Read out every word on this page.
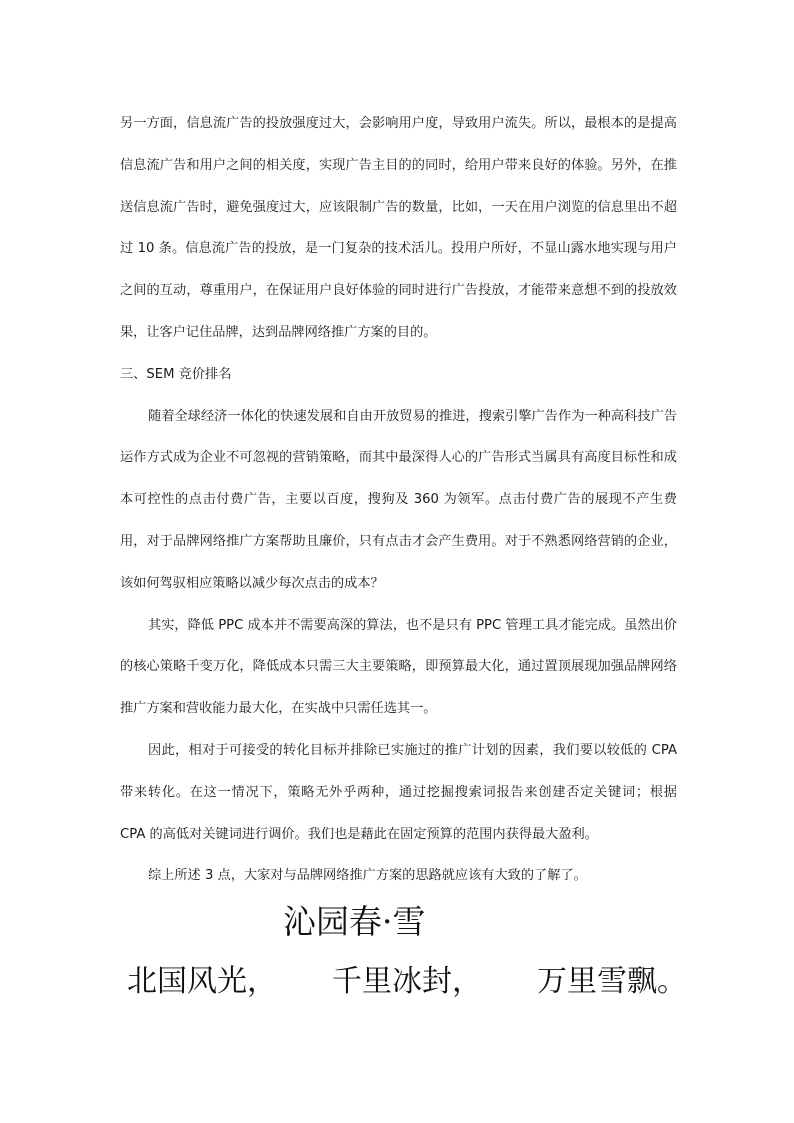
另一方面，信息流广告的投放强度过大，会影响用户度，导致用户流失。所以，最根本的是提高信息流广告和用户之间的相关度，实现广告主目的的同时，给用户带来良好的体验。另外，在推送信息流广告时，避免强度过大，应该限制广告的数量，比如，一天在用户浏览的信息里出不超过 10 条。信息流广告的投放，是一门复杂的技术活儿。投用户所好，不显山露水地实现与用户之间的互动，尊重用户，在保证用户良好体验的同时进行广告投放，才能带来意想不到的投放效果，让客户记住品牌，达到品牌网络推广方案的目的。

三、SEM 竞价排名

随着全球经济一体化的快速发展和自由开放贸易的推进，搜索引擎广告作为一种高科技广告运作方式成为企业不可忽视的营销策略，而其中最深得人心的广告形式当属具有高度目标性和成本可控性的点击付费广告，主要以百度，搜狗及 360 为领军。点击付费广告的展现不产生费用，对于品牌网络推广方案帮助且廉价，只有点击才会产生费用。对于不熟悉网络营销的企业，该如何驾驭相应策略以减少每次点击的成本？

其实，降低 PPC 成本并不需要高深的算法，也不是只有 PPC 管理工具才能完成。虽然出价的核心策略千变万化，降低成本只需三大主要策略，即预算最大化，通过置顶展现加强品牌网络推广方案和营收能力最大化，在实战中只需任选其一。

因此，相对于可接受的转化目标并排除已实施过的推广计划的因素，我们要以较低的 CPA 带来转化。在这一情况下，策略无外乎两种，通过挖掘搜索词报告来创建否定关键词；根据 CPA 的高低对关键词进行调价。我们也是藉此在固定预算的范围内获得最大盈利。

综上所述 3 点，大家对与品牌网络推广方案的思路就应该有大致的了解了。

沁园春·雪
北国风光， 千里冰封， 万里雪飘。
